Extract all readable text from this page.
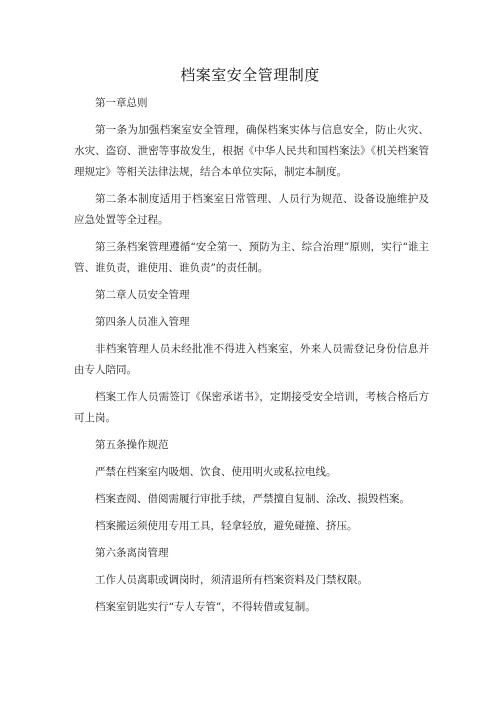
档案室安全管理制度

第一章总则

第一条为加强档案室安全管理，确保档案实体与信息安全，防止火灾、水灾、盗窃、泄密等事故发生，根据《中华人民共和国档案法》《机关档案管理规定》等相关法律法规，结合本单位实际，制定本制度。

第二条本制度适用于档案室日常管理、人员行为规范、设备设施维护及应急处置等全过程。

第三条档案管理遵循“安全第一、预防为主、综合治理”原则，实行“谁主管、谁负责，谁使用、谁负责”的责任制。

第二章人员安全管理

第四条人员准入管理

非档案管理人员未经批准不得进入档案室，外来人员需登记身份信息并由专人陪同。

档案工作人员需签订《保密承诺书》，定期接受安全培训，考核合格后方可上岗。

第五条操作规范

严禁在档案室内吸烟、饮食、使用明火或私拉电线。

档案查阅、借阅需履行审批手续，严禁擅自复制、涂改、损毁档案。

档案搬运须使用专用工具，轻拿轻放，避免碰撞、挤压。

第六条离岗管理

工作人员离职或调岗时，须清退所有档案资料及门禁权限。

档案室钥匙实行“专人专管”，不得转借或复制。
